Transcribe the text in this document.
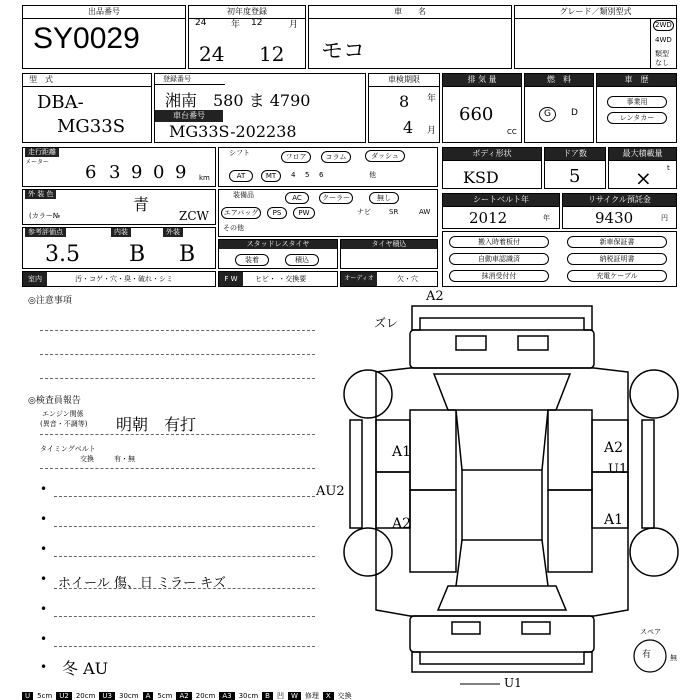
出品番号
SY0029
初年度登録
24	年 12	月
24 12
車　　名
モコ
グレード／類別型式
2WD
4WD
類型なし
型　式
DBA-
MG33S
登録番号
湘南　580 ま 4790
車台番号
MG33S-202238
車検期限
8 年
4 月
排 気 量
660
CC
燃　料
G	D
車　歴
事業用
レンタカー
走行距離
メーター 6 3 9 0 9 km
シフト	フロア	コラム	ダッシュ
AT	MT	4 5 6	他
ボディ形状
KSD
ドア数
5
最大積載量
× t
外 装 色
青
(カラー№	ZCW
装備品	AC	クーラー	無し
エアバッグ	PS	PW	ナビ	SR	AW
その他
シートベルト年
2012	年
リサイクル預託金
9430	円
参考評価点	内装	外装
3.5 B B	スタッドレスタイヤ
装着	積込
タイヤ積込	搬入時着板付	新車保証書
自動車認識済	納税証明書
抹消受付付	充電ケーブル
室内	汚・コゲ・穴・臭・破れ・シミ	F W	ヒビ・ ・交換要	オーディオ	欠・穴
◎注意事項
◎検査員報告
エンジン関係
(異音・不調等) 明朝　有打
タイミングベルト
交換	有・無
•
•
•
• ホイール 傷、日 ミラー キズ
•
•
• 冬 AU
A2
ズレ
AU2
A1	A2
U1
A2	A1
U1
スペア
有	無
U	5cm	U2	20cm	U3	30cm	A	5cm	A2	20cm	A3	30cm	B	凹	W	修理	X	交換
